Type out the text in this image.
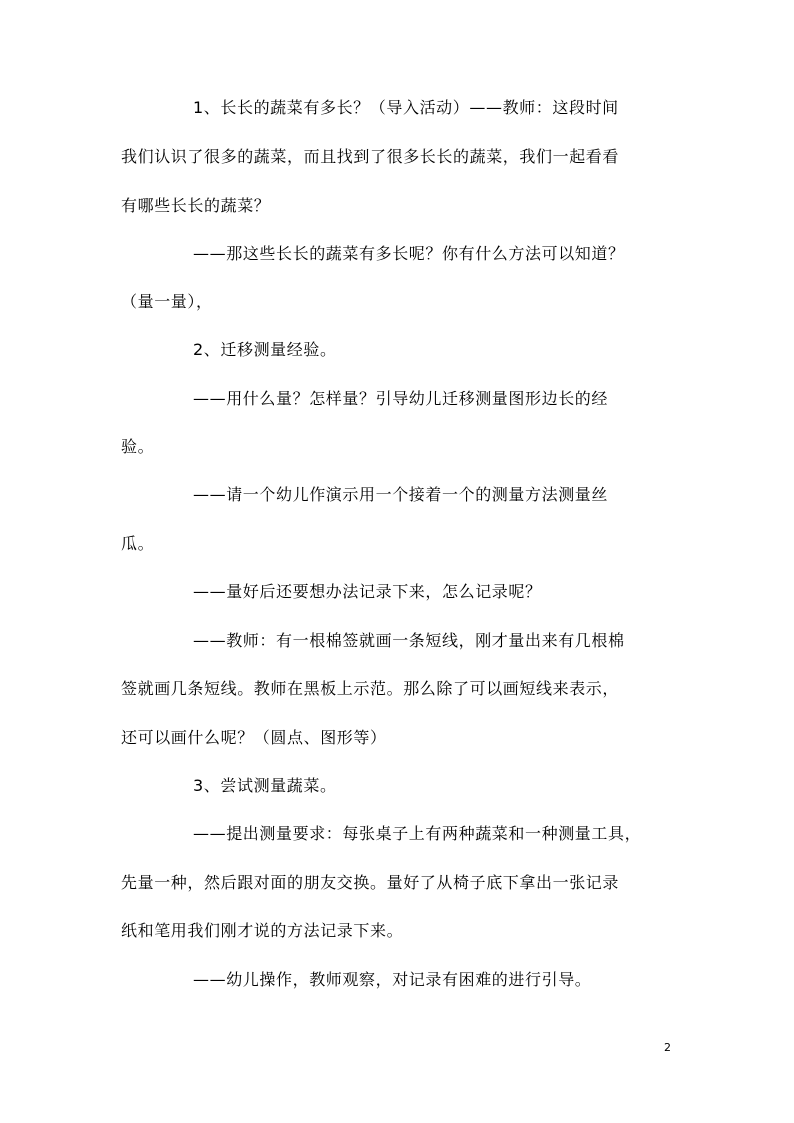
1、长长的蔬菜有多长？（导入活动）——教师：这段时间
我们认识了很多的蔬菜，而且找到了很多长长的蔬菜，我们一起看看
有哪些长长的蔬菜？
——那这些长长的蔬菜有多长呢？你有什么方法可以知道？
（量一量），
2、迁移测量经验。
——用什么量？怎样量？引导幼儿迁移测量图形边长的经
验。
——请一个幼儿作演示用一个接着一个的测量方法测量丝
瓜。
——量好后还要想办法记录下来，怎么记录呢？
——教师：有一根棉签就画一条短线，刚才量出来有几根棉
签就画几条短线。教师在黑板上示范。那么除了可以画短线来表示，
还可以画什么呢？（圆点、图形等）
3、尝试测量蔬菜。
——提出测量要求：每张桌子上有两种蔬菜和一种测量工具，
先量一种，然后跟对面的朋友交换。量好了从椅子底下拿出一张记录
纸和笔用我们刚才说的方法记录下来。
——幼儿操作，教师观察，对记录有困难的进行引导。
2
